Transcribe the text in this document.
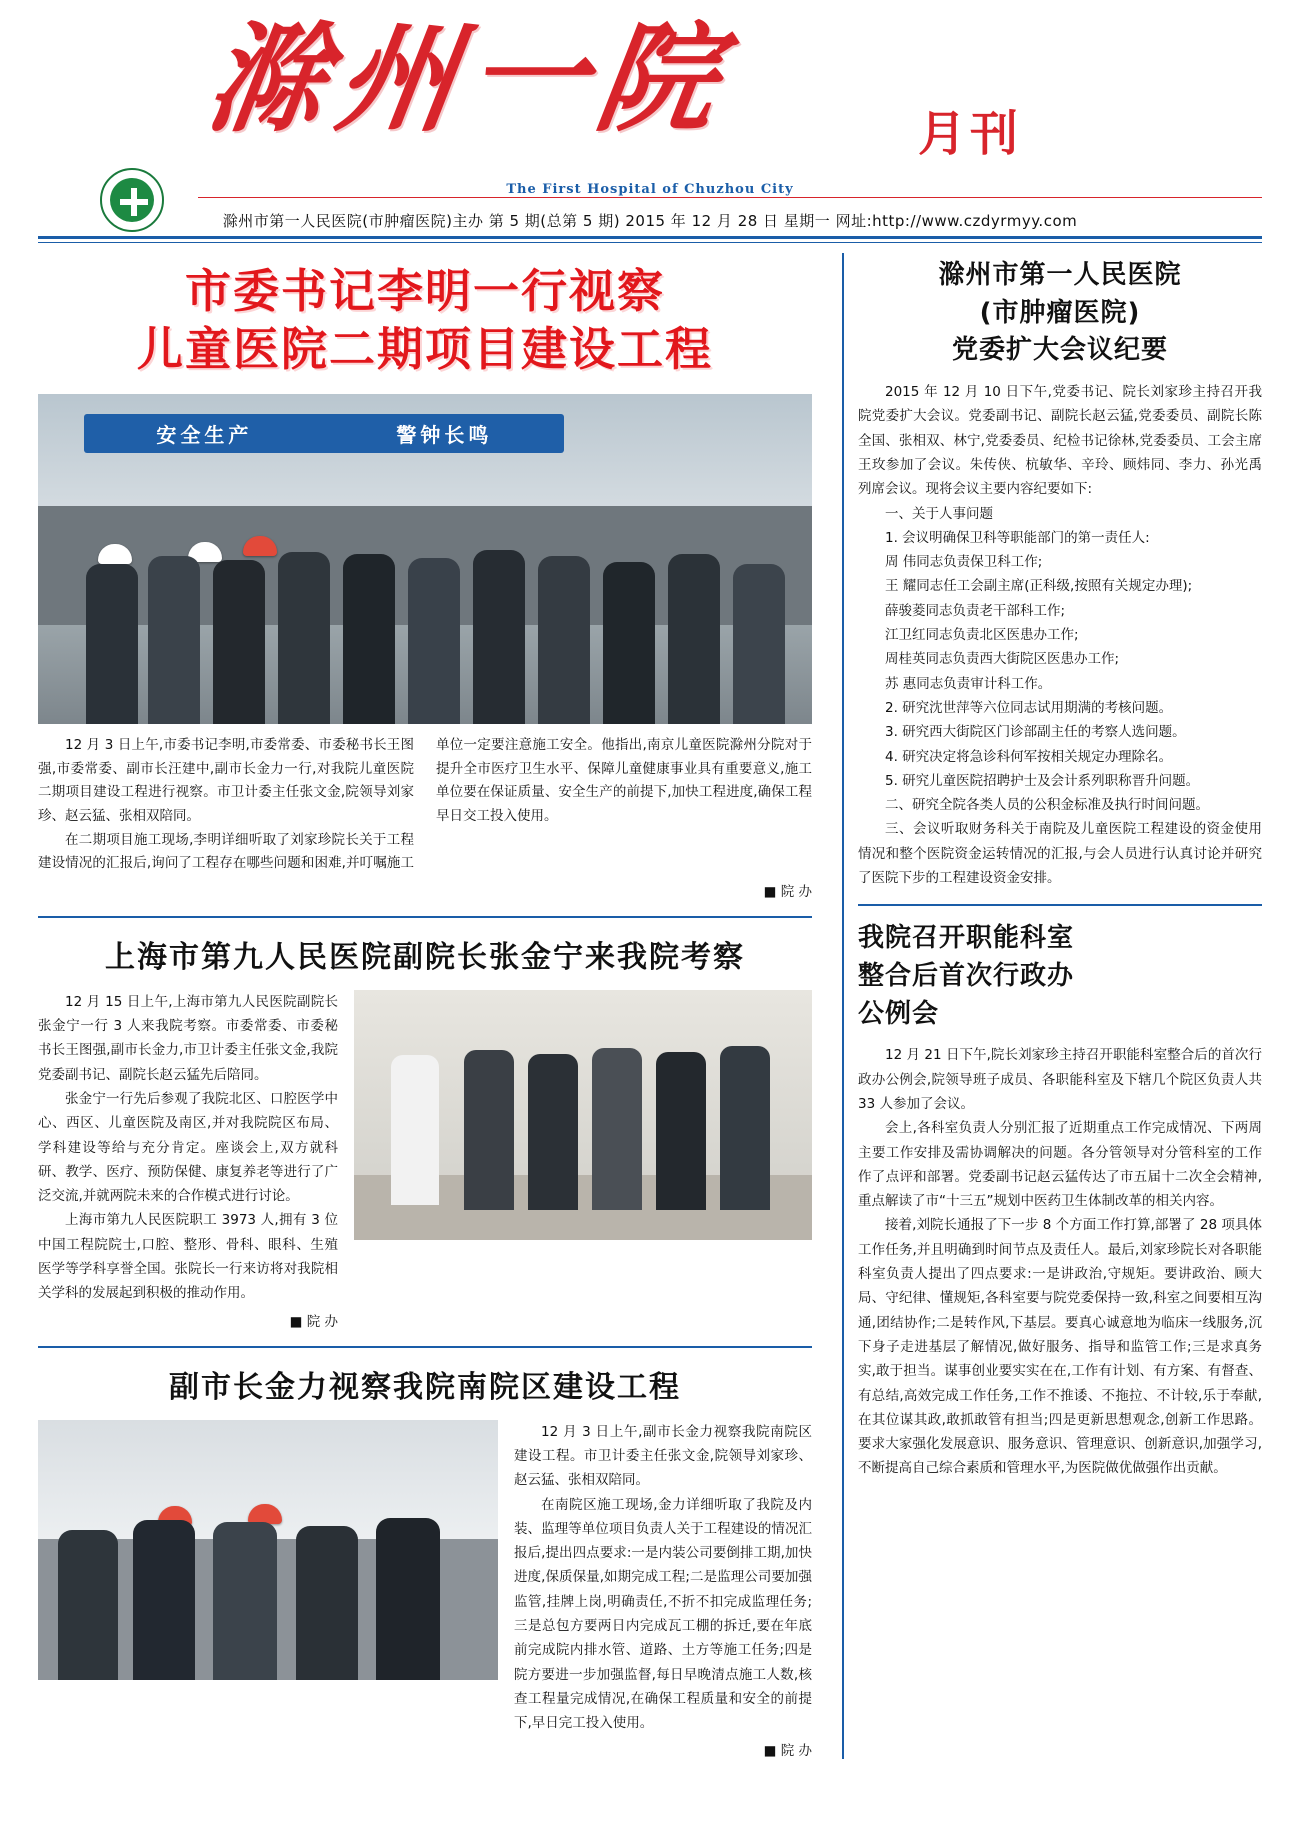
滁州一院	月刊
The First Hospital of Chuzhou City
滁州市第一人民医院(市肿瘤医院)主办 第 5 期(总第 5 期) 2015 年 12 月 28 日 星期一 网址:http://www.czdyrmyy.com
市委书记李明一行视察
儿童医院二期项目建设工程
安全生产	警钟长鸣
12 月 3 日上午,市委书记李明,市委常委、市委秘书长王图强,市委常委、副市长汪建中,副市长金力一行,对我院儿童医院二期项目建设工程进行视察。市卫计委主任张文金,院领导刘家珍、赵云猛、张相双陪同。
在二期项目施工现场,李明详细听取了刘家珍院长关于工程建设情况的汇报后,询问了工程存在哪些问题和困难,并叮嘱施工单位一定要注意施工安全。他指出,南京儿童医院滁州分院对于提升全市医疗卫生水平、保障儿童健康事业具有重要意义,施工单位要在保证质量、安全生产的前提下,加快工程进度,确保工程早日交工投入使用。
■ 院 办
上海市第九人民医院副院长张金宁来我院考察
12 月 15 日上午,上海市第九人民医院副院长张金宁一行 3 人来我院考察。市委常委、市委秘书长王图强,副市长金力,市卫计委主任张文金,我院党委副书记、副院长赵云猛先后陪同。
张金宁一行先后参观了我院北区、口腔医学中心、西区、儿童医院及南区,并对我院院区布局、学科建设等给与充分肯定。座谈会上,双方就科研、教学、医疗、预防保健、康复养老等进行了广泛交流,并就两院未来的合作模式进行讨论。
上海市第九人民医院职工 3973 人,拥有 3 位中国工程院院士,口腔、整形、骨科、眼科、生殖医学等学科享誉全国。张院长一行来访将对我院相关学科的发展起到积极的推动作用。
■ 院 办
副市长金力视察我院南院区建设工程
12 月 3 日上午,副市长金力视察我院南院区建设工程。市卫计委主任张文金,院领导刘家珍、赵云猛、张相双陪同。
在南院区施工现场,金力详细听取了我院及内装、监理等单位项目负责人关于工程建设的情况汇报后,提出四点要求:一是内装公司要倒排工期,加快进度,保质保量,如期完成工程;二是监理公司要加强监管,挂牌上岗,明确责任,不折不扣完成监理任务;三是总包方要两日内完成瓦工棚的拆迁,要在年底前完成院内排水管、道路、土方等施工任务;四是院方要进一步加强监督,每日早晚清点施工人数,核查工程量完成情况,在确保工程质量和安全的前提下,早日完工投入使用。
■ 院 办
滁州市第一人民医院
(市肿瘤医院)
党委扩大会议纪要

2015 年 12 月 10 日下午,党委书记、院长刘家珍主持召开我院党委扩大会议。党委副书记、副院长赵云猛,党委委员、副院长陈全国、张相双、林宁,党委委员、纪检书记徐林,党委委员、工会主席王玫参加了会议。朱传侠、杭敏华、辛玲、顾炜同、李力、孙光禹列席会议。现将会议主要内容纪要如下:

一、关于人事问题

1. 会议明确保卫科等职能部门的第一责任人:

周 伟同志负责保卫科工作;

王 耀同志任工会副主席(正科级,按照有关规定办理);

薛骏菱同志负责老干部科工作;

江卫红同志负责北区医患办工作;

周桂英同志负责西大街院区医患办工作;

苏 惠同志负责审计科工作。

2. 研究沈世萍等六位同志试用期满的考核问题。

3. 研究西大街院区门诊部副主任的考察人选问题。

4. 研究决定将急诊科何军按相关规定办理除名。

5. 研究儿童医院招聘护士及会计系列职称晋升问题。

二、研究全院各类人员的公积金标准及执行时间问题。

三、会议听取财务科关于南院及儿童医院工程建设的资金使用情况和整个医院资金运转情况的汇报,与会人员进行认真讨论并研究了医院下步的工程建设资金安排。

我院召开职能科室
整合后首次行政办
公例会

12 月 21 日下午,院长刘家珍主持召开职能科室整合后的首次行政办公例会,院领导班子成员、各职能科室及下辖几个院区负责人共 33 人参加了会议。

会上,各科室负责人分别汇报了近期重点工作完成情况、下两周主要工作安排及需协调解决的问题。各分管领导对分管科室的工作作了点评和部署。党委副书记赵云猛传达了市五届十二次全会精神,重点解读了市“十三五”规划中医药卫生体制改革的相关内容。

接着,刘院长通报了下一步 8 个方面工作打算,部署了 28 项具体工作任务,并且明确到时间节点及责任人。最后,刘家珍院长对各职能科室负责人提出了四点要求:一是讲政治,守规矩。要讲政治、顾大局、守纪律、懂规矩,各科室要与院党委保持一致,科室之间要相互沟通,团结协作;二是转作风,下基层。要真心诚意地为临床一线服务,沉下身子走进基层了解情况,做好服务、指导和监管工作;三是求真务实,敢于担当。谋事创业要实实在在,工作有计划、有方案、有督查、有总结,高效完成工作任务,工作不推诿、不拖拉、不计较,乐于奉献,在其位谋其政,敢抓敢管有担当;四是更新思想观念,创新工作思路。要求大家强化发展意识、服务意识、管理意识、创新意识,加强学习,不断提高自己综合素质和管理水平,为医院做优做强作出贡献。
